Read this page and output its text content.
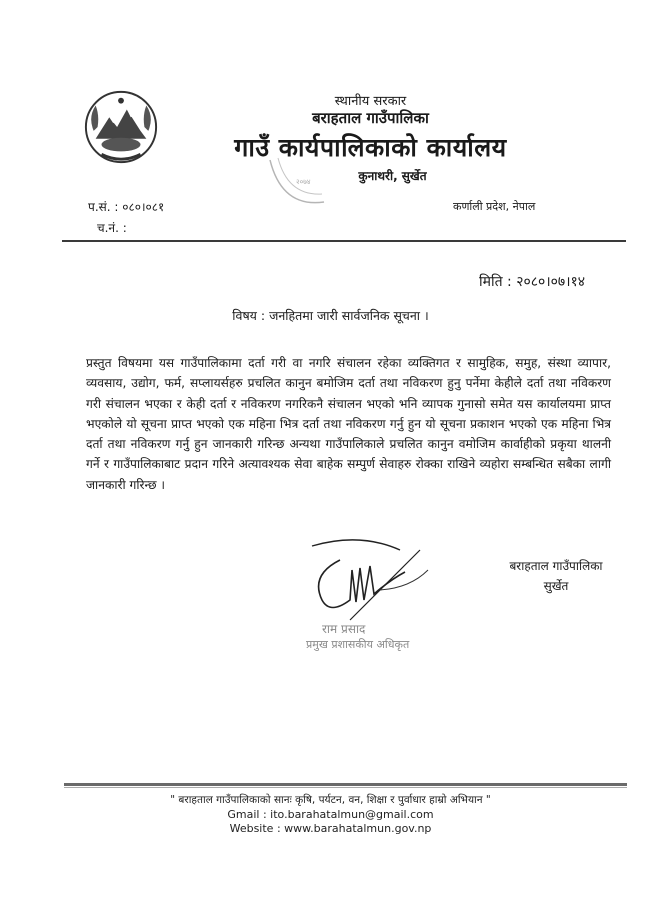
स्थानीय सरकार
बराहताल गाउँपालिका
गाउँ कार्यपालिकाको कार्यालय
कुनाथरी, सुर्खेत
२०७४
प.सं. : ०८०।०८१
च.नं. :
कर्णाली प्रदेश, नेपाल
मिति : २०८०।०७।१४
विषय : जनहितमा जारी सार्वजनिक सूचना ।

प्रस्तुत विषयमा यस गाउँपालिकामा दर्ता गरी वा नगरि संचालन रहेका व्यक्तिगत र सामुहिक, समुह, संस्था व्यापार, व्यवसाय, उद्योग, फर्म, सप्लायर्सहरु प्रचलित कानुन बमोजिम दर्ता तथा नविकरण हुनु पर्नेमा केहीले दर्ता तथा नविकरण गरी संचालन भएका र केही दर्ता र नविकरण नगरिकनै संचालन भएको भनि व्यापक गुनासो समेत यस कार्यालयमा प्राप्त भएकोले यो सूचना प्राप्त भएको एक महिना भित्र दर्ता तथा नविकरण गर्नु हुन यो सूचना प्रकाशन भएको एक महिना भित्र दर्ता तथा नविकरण गर्नु हुन जानकारी गरिन्छ अन्यथा गाउँपालिकाले प्रचलित कानुन वमोजिम कार्वाहीको प्रकृया थालनी गर्ने र गाउँपालिकाबाट प्रदान गरिने अत्यावश्यक सेवा बाहेक सम्पुर्ण सेवाहरु रोक्का राखिने व्यहोरा सम्बन्धित सबैका लागी जानकारी गरिन्छ ।

बराहताल गाउँपालिका
सुर्खेत
राम प्रसाद
प्रमुख प्रशासकीय अधिकृत
" बराहताल गाउँपालिकाको सानः कृषि, पर्यटन, वन, शिक्षा र पुर्वाधार हाम्रो अभियान "
Gmail : ito.barahatalmun@gmail.com
Website : www.barahatalmun.gov.np
